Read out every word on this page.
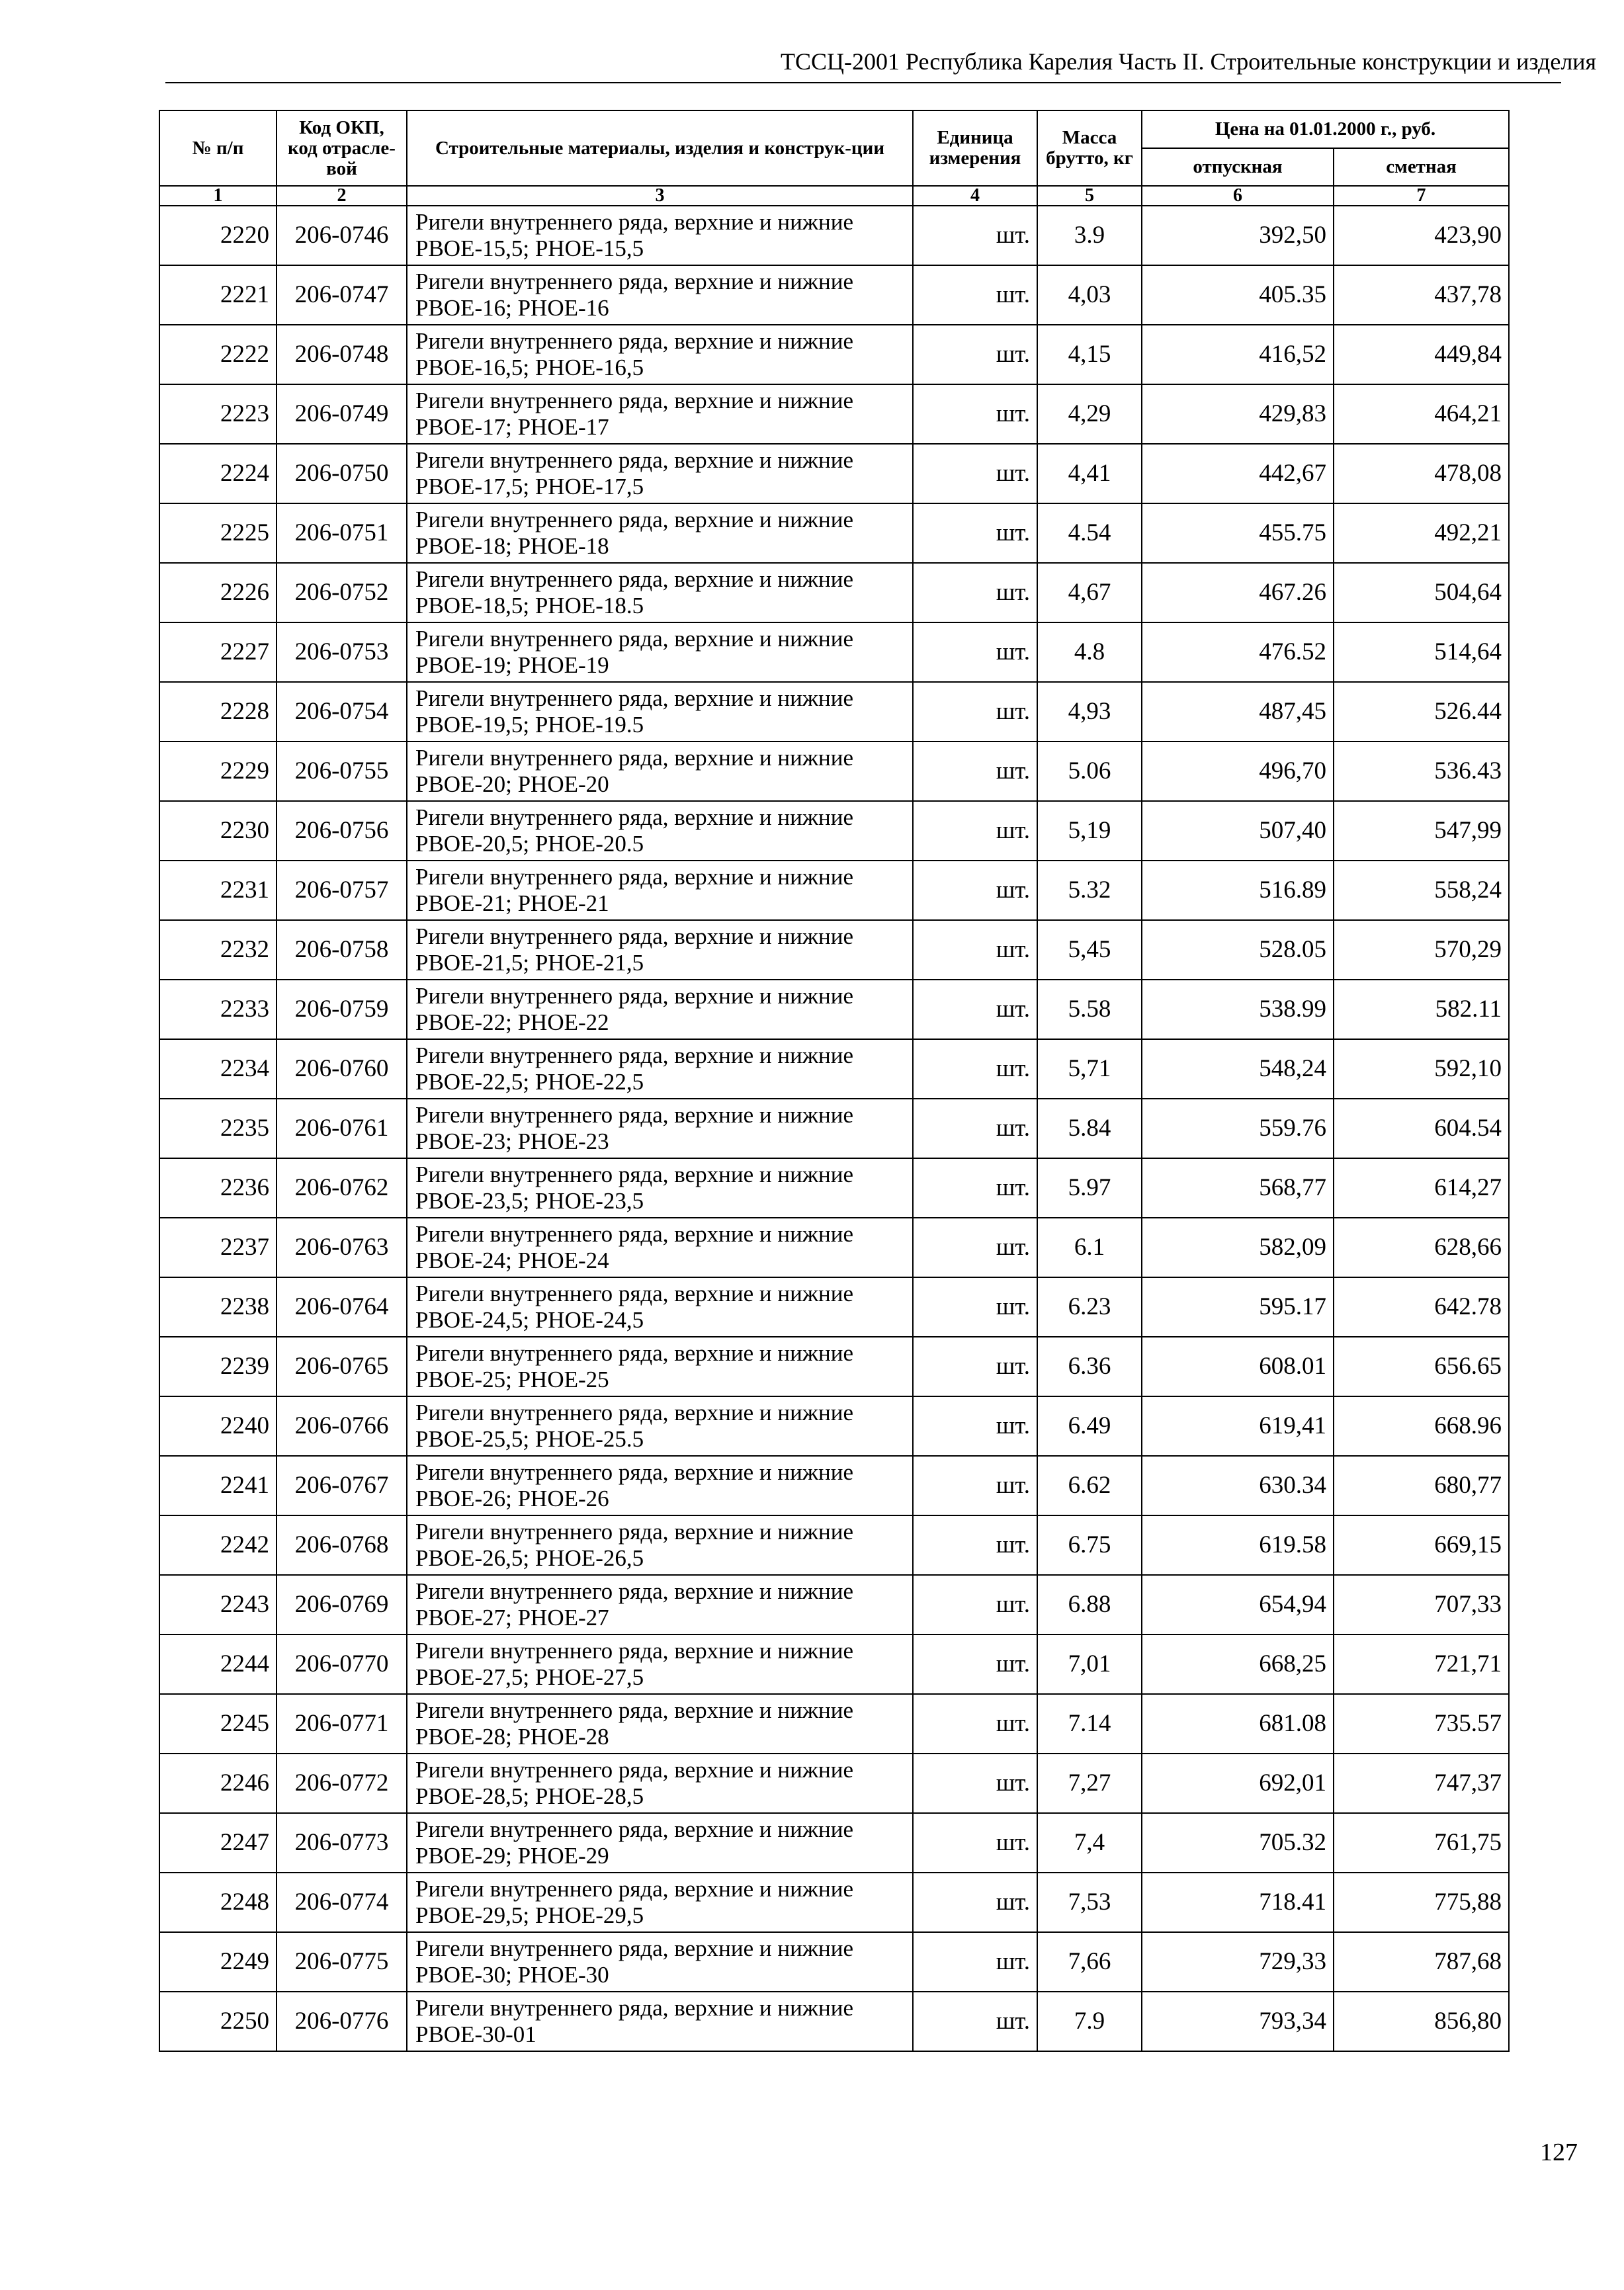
ТССЦ-2001 Республика Карелия Часть II. Строительные конструкции и изделия
№ п/п	Код ОКП, код отрасле-вой	Строительные материалы, изделия и конструк-ции	Единица измерения	Масса брутто, кг	Цена на 01.01.2000 г., руб.	
					отпускная	сметная
1	2	3	4	5	6	7
2220	206-0746	Ригели внутреннего ряда, верхние и нижние
РВОЕ-15,5; РНОЕ-15,5	шт.	3.9	392,50	423,90
2221	206-0747	Ригели внутреннего ряда, верхние и нижние
РВОЕ-16; РНОЕ-16	шт.	4,03	405.35	437,78
2222	206-0748	Ригели внутреннего ряда, верхние и нижние
РВОЕ-16,5; РНОЕ-16,5	шт.	4,15	416,52	449,84
2223	206-0749	Ригели внутреннего ряда, верхние и нижние
РВОЕ-17; РНОЕ-17	шт.	4,29	429,83	464,21
2224	206-0750	Ригели внутреннего ряда, верхние и нижние
РВОЕ-17,5; РНОЕ-17,5	шт.	4,41	442,67	478,08
2225	206-0751	Ригели внутреннего ряда, верхние и нижние
РВОЕ-18; РНОЕ-18	шт.	4.54	455.75	492,21
2226	206-0752	Ригели внутреннего ряда, верхние и нижние
РВОЕ-18,5; РНОЕ-18.5	шт.	4,67	467.26	504,64
2227	206-0753	Ригели внутреннего ряда, верхние и нижние
РВОЕ-19; РНОЕ-19	шт.	4.8	476.52	514,64
2228	206-0754	Ригели внутреннего ряда, верхние и нижние
РВОЕ-19,5; РНОЕ-19.5	шт.	4,93	487,45	526.44
2229	206-0755	Ригели внутреннего ряда, верхние и нижние
РВОЕ-20; РНОЕ-20	шт.	5.06	496,70	536.43
2230	206-0756	Ригели внутреннего ряда, верхние и нижние
РВОЕ-20,5; РНОЕ-20.5	шт.	5,19	507,40	547,99
2231	206-0757	Ригели внутреннего ряда, верхние и нижние
РВОЕ-21; РНОЕ-21	шт.	5.32	516.89	558,24
2232	206-0758	Ригели внутреннего ряда, верхние и нижние
РВОЕ-21,5; РНОЕ-21,5	шт.	5,45	528.05	570,29
2233	206-0759	Ригели внутреннего ряда, верхние и нижние
РВОЕ-22; РНОЕ-22	шт.	5.58	538.99	582.11
2234	206-0760	Ригели внутреннего ряда, верхние и нижние
РВОЕ-22,5; РНОЕ-22,5	шт.	5,71	548,24	592,10
2235	206-0761	Ригели внутреннего ряда, верхние и нижние
РВОЕ-23; РНОЕ-23	шт.	5.84	559.76	604.54
2236	206-0762	Ригели внутреннего ряда, верхние и нижние
РВОЕ-23,5; РНОЕ-23,5	шт.	5.97	568,77	614,27
2237	206-0763	Ригели внутреннего ряда, верхние и нижние
РВОЕ-24; РНОЕ-24	шт.	6.1	582,09	628,66
2238	206-0764	Ригели внутреннего ряда, верхние и нижние
РВОЕ-24,5; РНОЕ-24,5	шт.	6.23	595.17	642.78
2239	206-0765	Ригели внутреннего ряда, верхние и нижние
РВОЕ-25; РНОЕ-25	шт.	6.36	608.01	656.65
2240	206-0766	Ригели внутреннего ряда, верхние и нижние
РВОЕ-25,5; РНОЕ-25.5	шт.	6.49	619,41	668.96
2241	206-0767	Ригели внутреннего ряда, верхние и нижние
РВОЕ-26; РНОЕ-26	шт.	6.62	630.34	680,77
2242	206-0768	Ригели внутреннего ряда, верхние и нижние
РВОЕ-26,5; РНОЕ-26,5	шт.	6.75	619.58	669,15
2243	206-0769	Ригели внутреннего ряда, верхние и нижние
РВОЕ-27; РНОЕ-27	шт.	6.88	654,94	707,33
2244	206-0770	Ригели внутреннего ряда, верхние и нижние
РВОЕ-27,5; РНОЕ-27,5	шт.	7,01	668,25	721,71
2245	206-0771	Ригели внутреннего ряда, верхние и нижние
РВОЕ-28; РНОЕ-28	шт.	7.14	681.08	735.57
2246	206-0772	Ригели внутреннего ряда, верхние и нижние
РВОЕ-28,5; РНОЕ-28,5	шт.	7,27	692,01	747,37
2247	206-0773	Ригели внутреннего ряда, верхние и нижние
РВОЕ-29; РНОЕ-29	шт.	7,4	705.32	761,75
2248	206-0774	Ригели внутреннего ряда, верхние и нижние
РВОЕ-29,5; РНОЕ-29,5	шт.	7,53	718.41	775,88
2249	206-0775	Ригели внутреннего ряда, верхние и нижние
РВОЕ-30; РНОЕ-30	шт.	7,66	729,33	787,68
2250	206-0776	Ригели внутреннего ряда, верхние и нижние
РВОЕ-30-01	шт.	7.9	793,34	856,80
127
